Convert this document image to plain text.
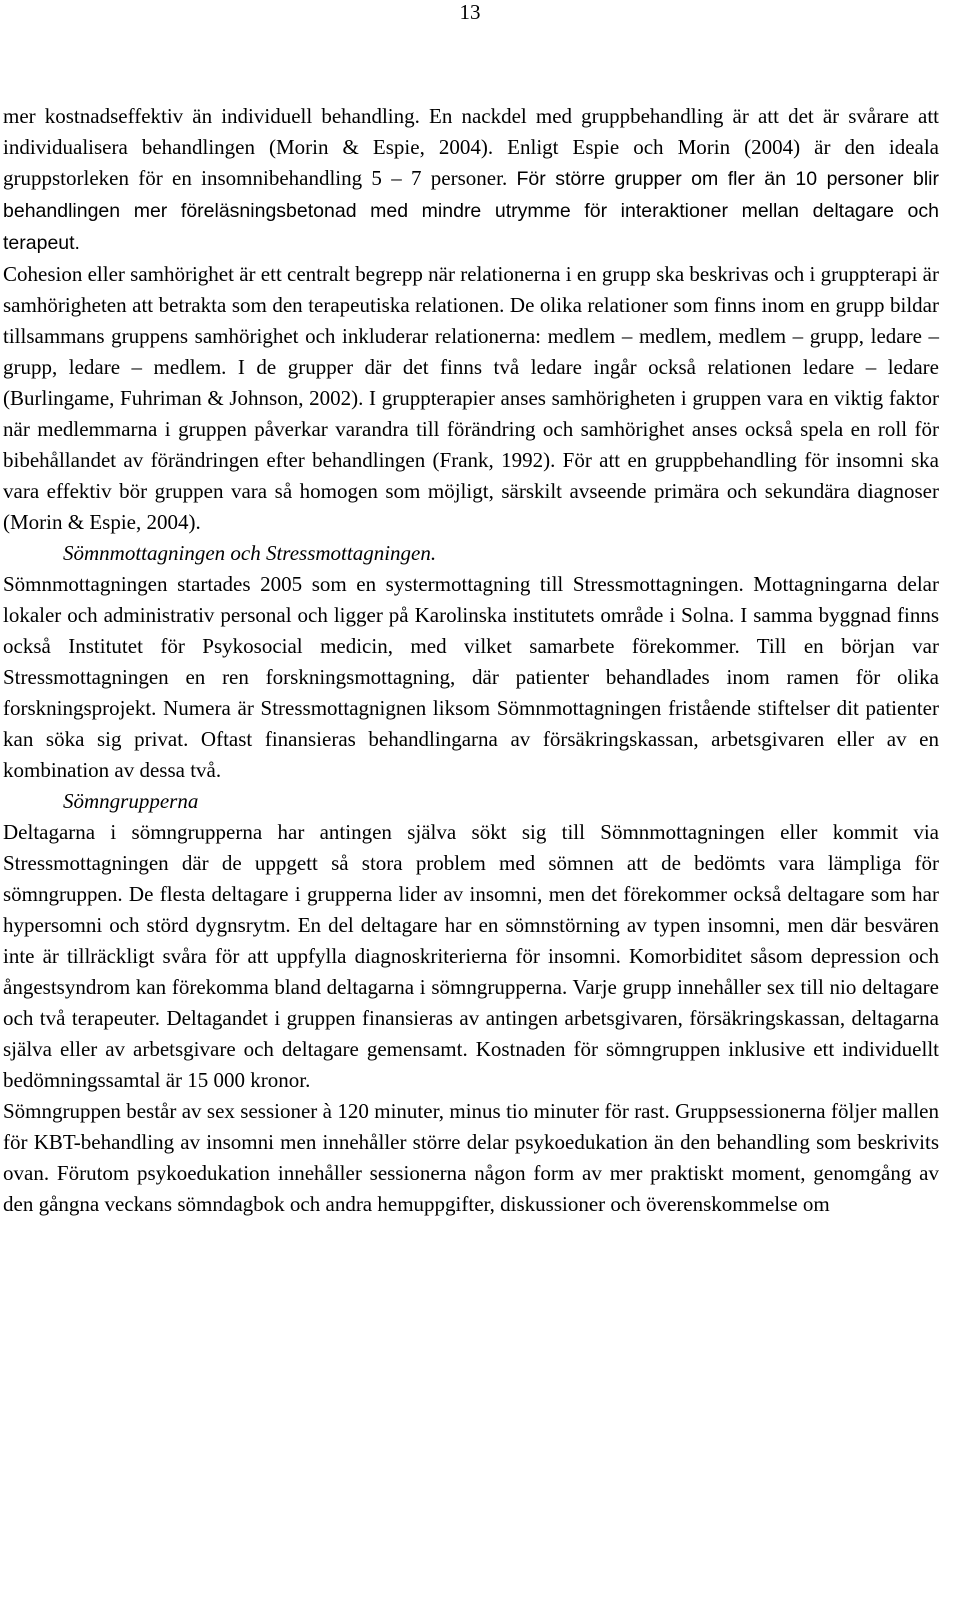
13

mer kostnadseffektiv än individuell behandling. En nackdel med gruppbehandling är att det är svårare att individualisera behandlingen (Morin & Espie, 2004). Enligt Espie och Morin (2004) är den ideala gruppstorleken för en insomnibehandling 5 – 7 personer. För större grupper om fler än 10 personer blir behandlingen mer föreläsningsbetonad med mindre utrymme för interaktioner mellan deltagare och terapeut.

Cohesion eller samhörighet är ett centralt begrepp när relationerna i en grupp ska beskrivas och i gruppterapi är samhörigheten att betrakta som den terapeutiska relationen. De olika relationer som finns inom en grupp bildar tillsammans gruppens samhörighet och inkluderar relationerna: medlem – medlem, medlem – grupp, ledare – grupp, ledare – medlem. I de grupper där det finns två ledare ingår också relationen ledare – ledare (Burlingame, Fuhriman & Johnson, 2002). I gruppterapier anses samhörigheten i gruppen vara en viktig faktor när medlemmarna i gruppen påverkar varandra till förändring och samhörighet anses också spela en roll för bibehållandet av förändringen efter behandlingen (Frank, 1992). För att en gruppbehandling för insomni ska vara effektiv bör gruppen vara så homogen som möjligt, särskilt avseende primära och sekundära diagnoser (Morin & Espie, 2004).

Sömnmottagningen och Stressmottagningen.

Sömnmottagningen startades 2005 som en systermottagning till Stressmottagningen. Mottagningarna delar lokaler och administrativ personal och ligger på Karolinska institutets område i Solna. I samma byggnad finns också Institutet för Psykosocial medicin, med vilket samarbete förekommer. Till en början var Stressmottagningen en ren forskningsmottagning, där patienter behandlades inom ramen för olika forskningsprojekt. Numera är Stressmottagnignen liksom Sömnmottagningen fristående stiftelser dit patienter kan söka sig privat. Oftast finansieras behandlingarna av försäkringskassan, arbetsgivaren eller av en kombination av dessa två.

Sömngrupperna

Deltagarna i sömngrupperna har antingen själva sökt sig till Sömnmottagningen eller kommit via Stressmottagningen där de uppgett så stora problem med sömnen att de bedömts vara lämpliga för sömngruppen. De flesta deltagare i grupperna lider av insomni, men det förekommer också deltagare som har hypersomni och störd dygnsrytm. En del deltagare har en sömnstörning av typen insomni, men där besvären inte är tillräckligt svåra för att uppfylla diagnoskriterierna för insomni. Komorbiditet såsom depression och ångestsyndrom kan förekomma bland deltagarna i sömngrupperna. Varje grupp innehåller sex till nio deltagare och två terapeuter. Deltagandet i gruppen finansieras av antingen arbetsgivaren, försäkringskassan, deltagarna själva eller av arbetsgivare och deltagare gemensamt. Kostnaden för sömngruppen inklusive ett individuellt bedömningssamtal är 15 000 kronor.

Sömngruppen består av sex sessioner à 120 minuter, minus tio minuter för rast. Gruppsessionerna följer mallen för KBT-behandling av insomni men innehåller större delar psykoedukation än den behandling som beskrivits ovan. Förutom psykoedukation innehåller sessionerna någon form av mer praktiskt moment, genomgång av den gångna veckans sömndagbok och andra hemuppgifter, diskussioner och överenskommelse om
